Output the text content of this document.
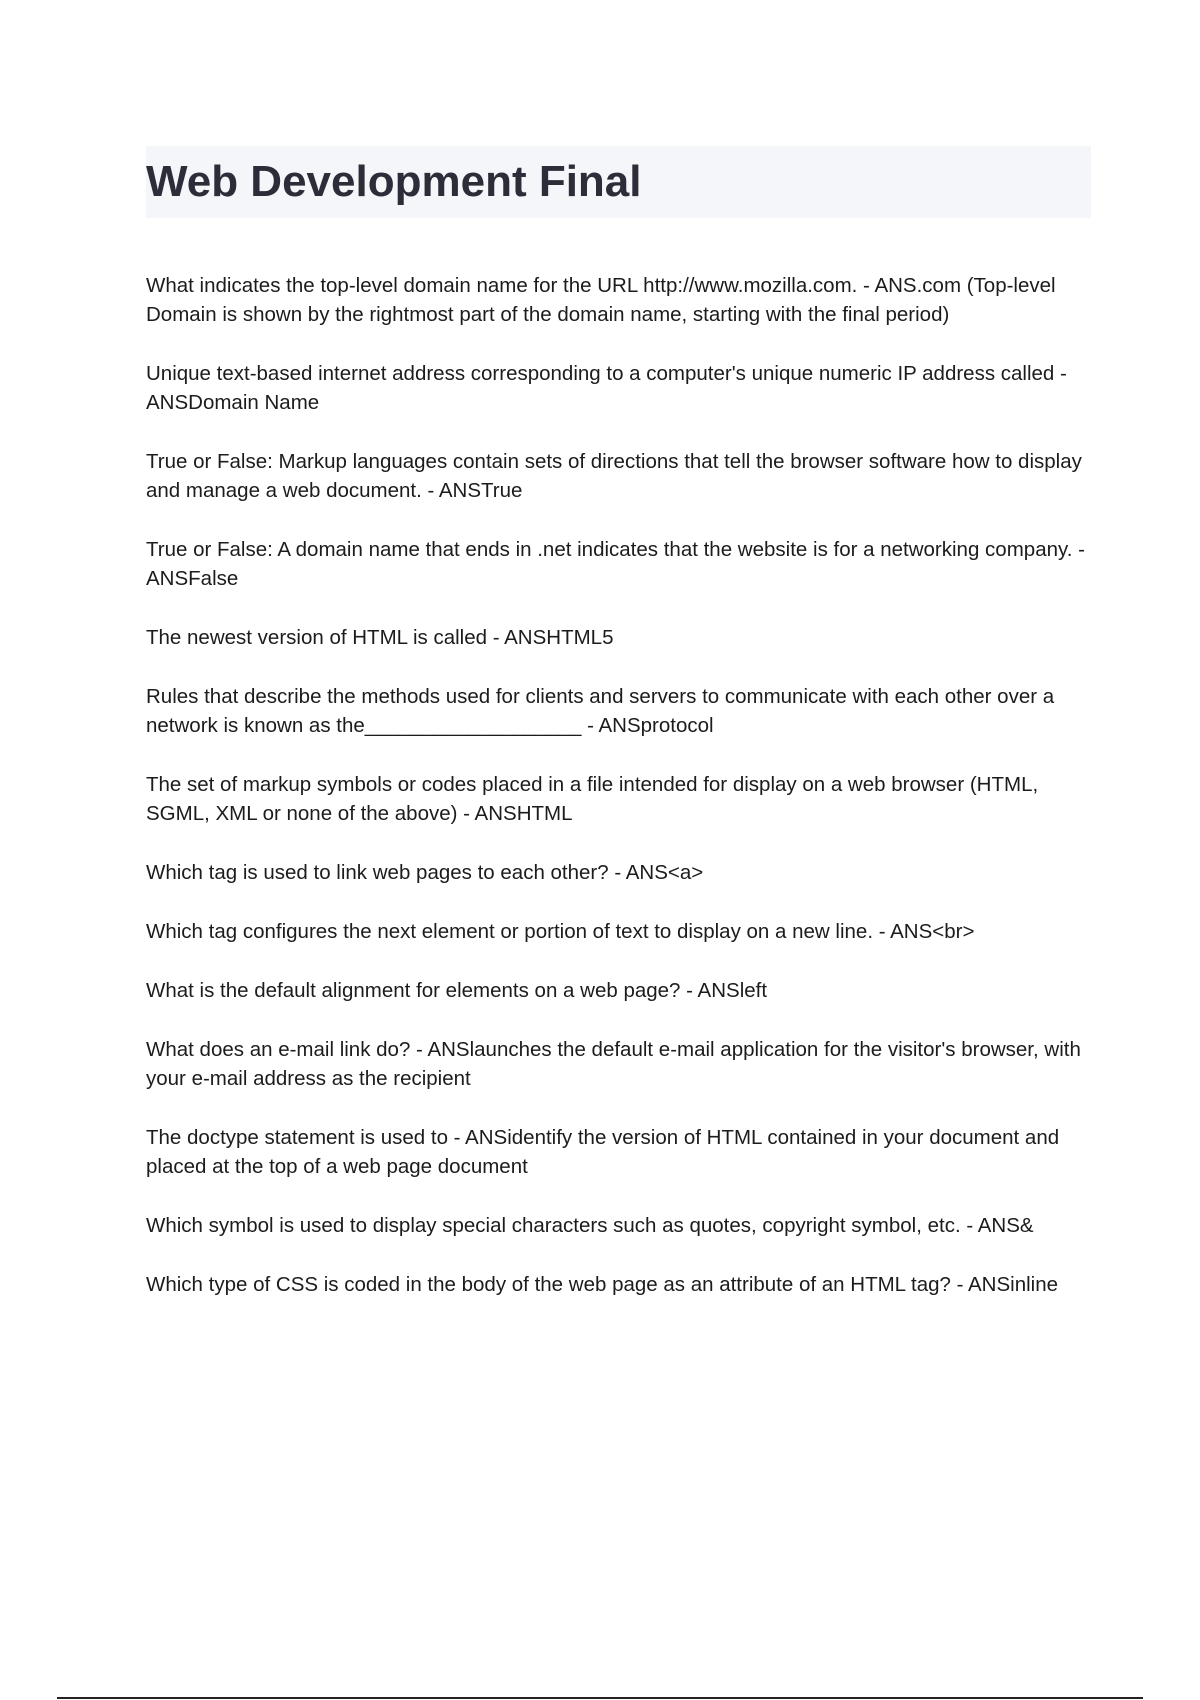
Web Development Final

What indicates the top-level domain name for the URL http://www.mozilla.com. - ANS.com (Top-level Domain is shown by the rightmost part of the domain name, starting with the final period)

Unique text-based internet address corresponding to a computer's unique numeric IP address called - ANSDomain Name

True or False: Markup languages contain sets of directions that tell the browser software how to display and manage a web document. - ANSTrue

True or False: A domain name that ends in .net indicates that the website is for a networking company. - ANSFalse

The newest version of HTML is called - ANSHTML5

Rules that describe the methods used for clients and servers to communicate with each other over a network is known as the___________________ - ANSprotocol

The set of markup symbols or codes placed in a file intended for display on a web browser (HTML, SGML, XML or none of the above) - ANSHTML

Which tag is used to link web pages to each other? - ANS<a>

Which tag configures the next element or portion of text to display on a new line. - ANS<br>

What is the default alignment for elements on a web page? - ANSleft

What does an e-mail link do? - ANSlaunches the default e-mail application for the visitor's browser, with your e-mail address as the recipient

The doctype statement is used to - ANSidentify the version of HTML contained in your document and placed at the top of a web page document

Which symbol is used to display special characters such as quotes, copyright symbol, etc. - ANS&

Which type of CSS is coded in the body of the web page as an attribute of an HTML tag? - ANSinline
